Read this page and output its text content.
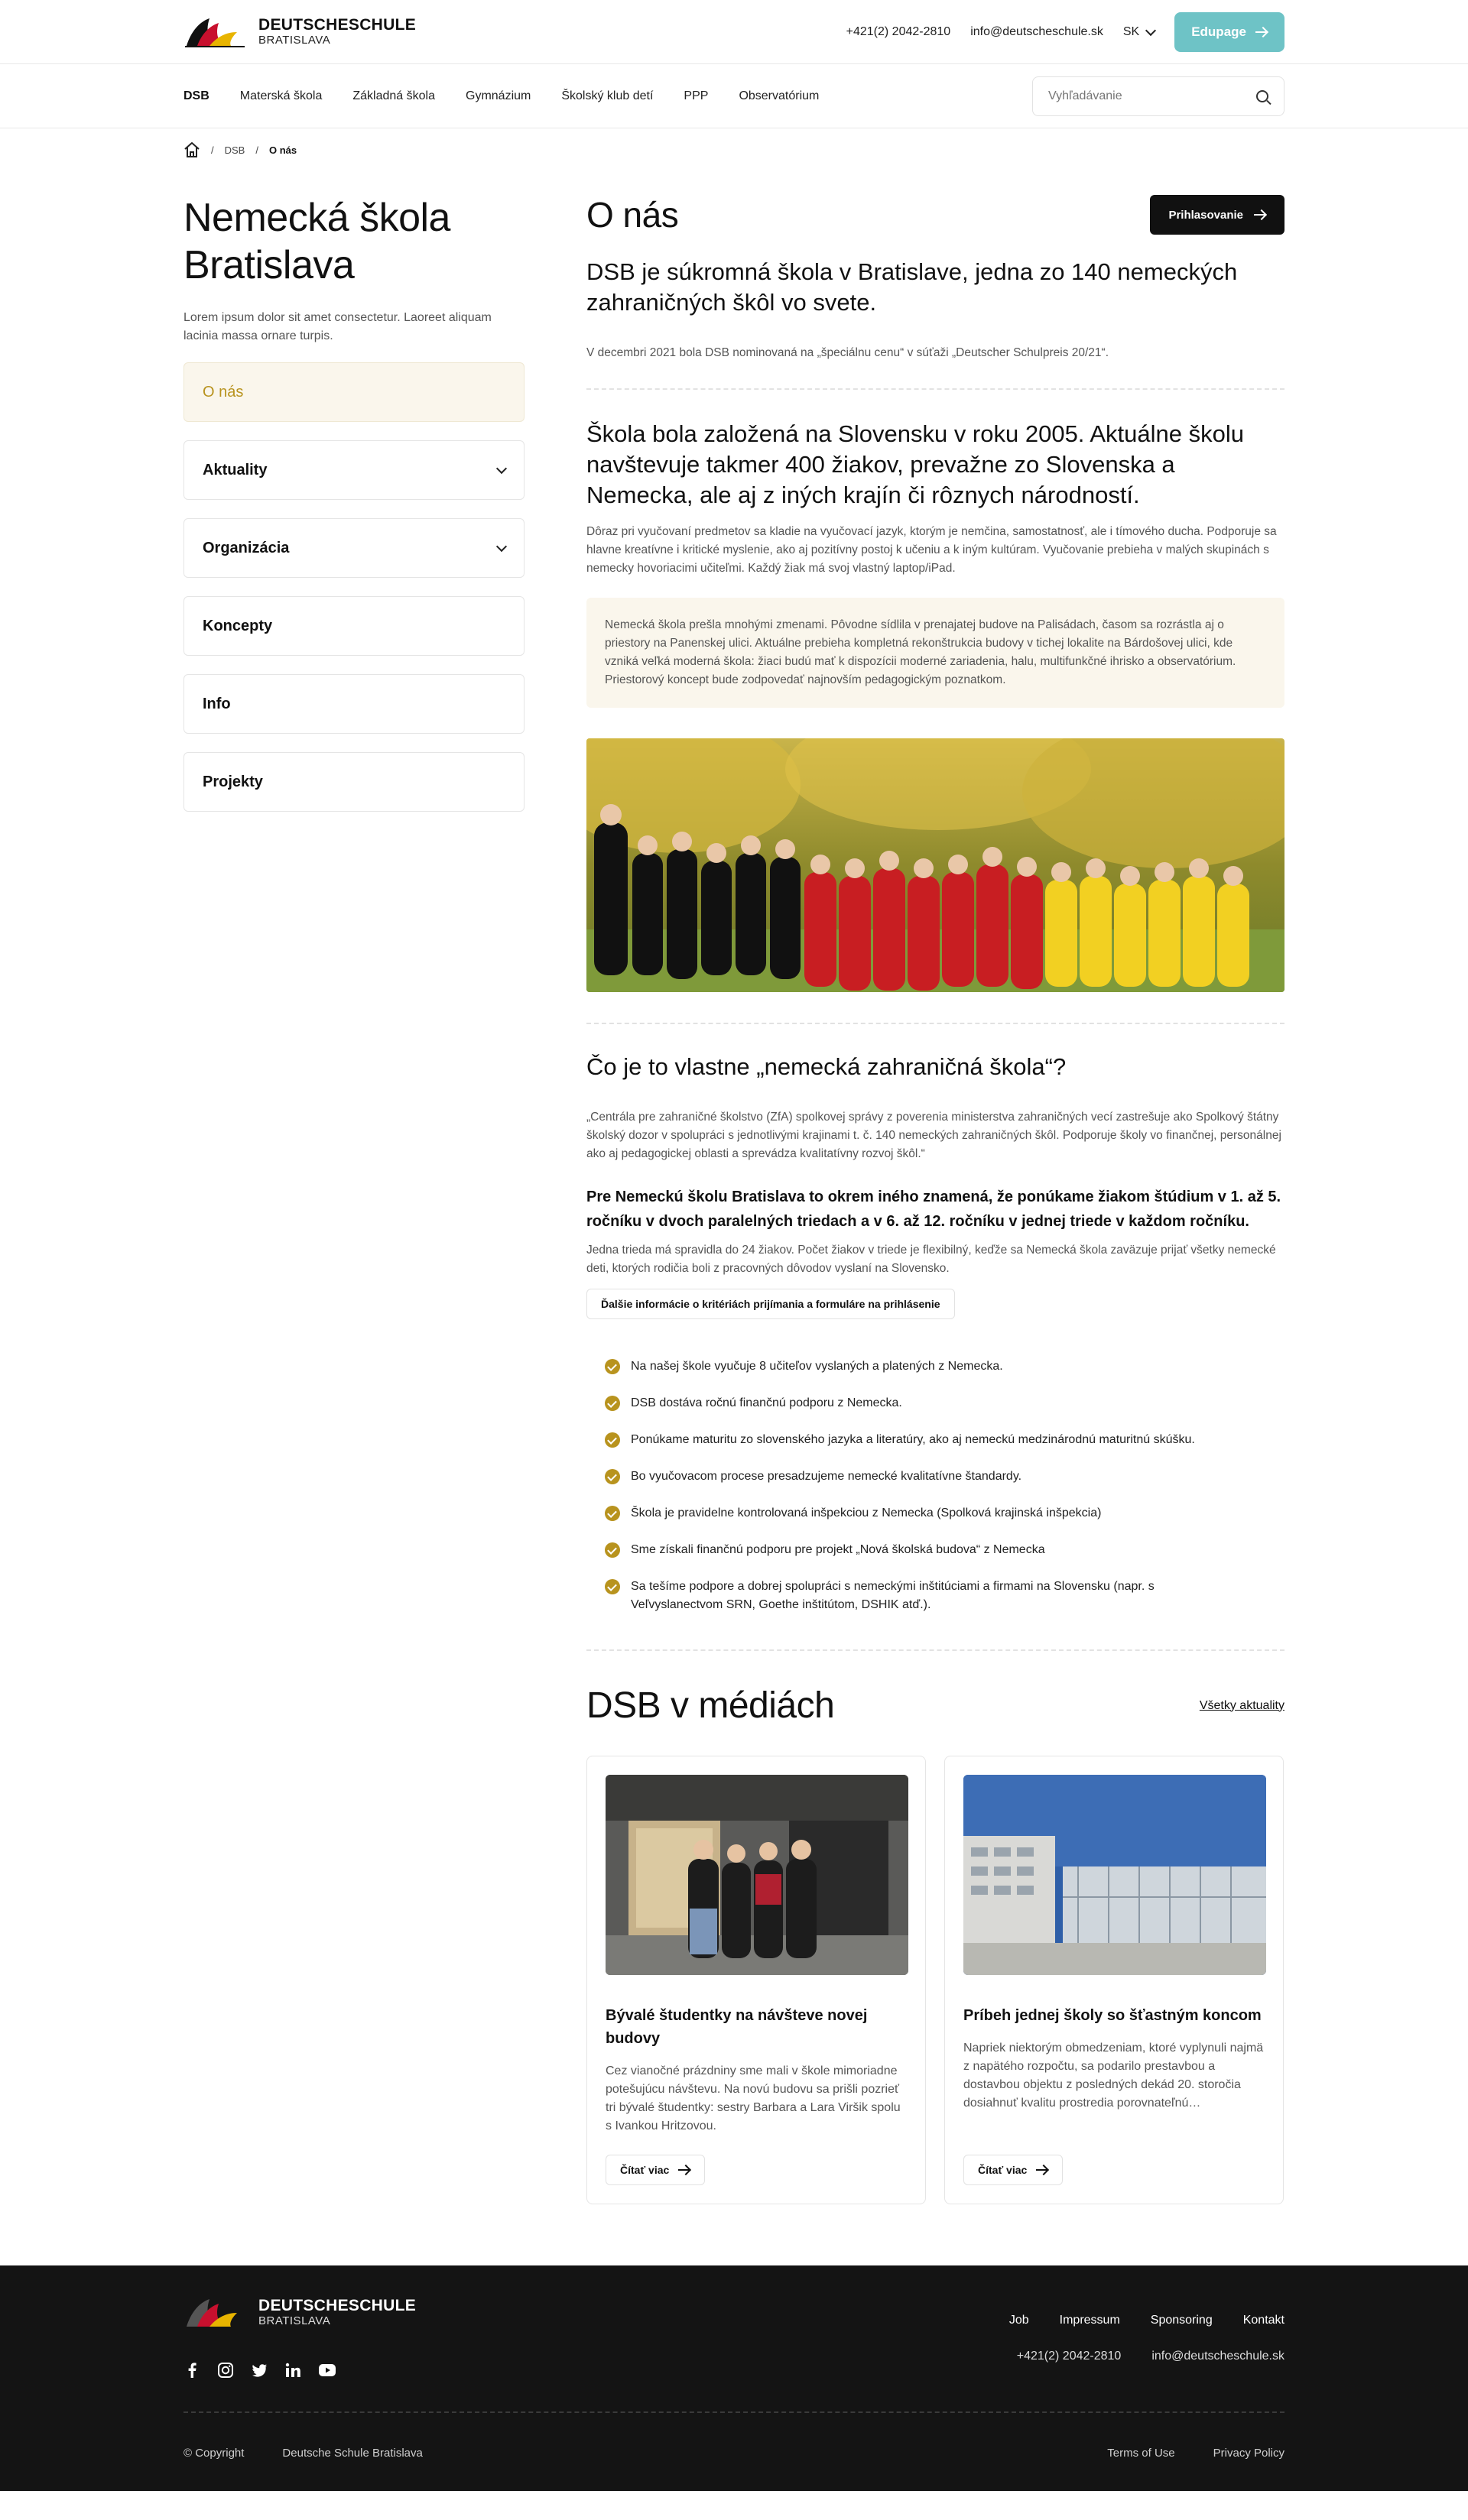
DEUTSCHESCHULE
BRATISLAVA
+421(2) 2042-2810 info@deutscheschule.sk SK	Edupage
DSB	Materská škola	Základná škola	Gymnázium	Školský klub detí	PPP	Observatórium
Vyhľadávanie
/ DSB / O nás
Nemecká škola Bratislava

Lorem ipsum dolor sit amet consectetur. Laoreet aliquam lacinia massa ornare turpis.

O nás
Aktuality
Organizácia
Koncepty
Info
Projekty
O nás	Prihlasovanie
DSB je súkromná škola v Bratislave, jedna zo 140 nemeckých zahraničných škôl vo svete.

V decembri 2021 bola DSB nominovaná na „špeciálnu cenu“ v súťaži „Deutscher Schulpreis 20/21“.

Škola bola založená na Slovensku v roku 2005. Aktuálne školu navštevuje takmer 400 žiakov, prevažne zo Slovenska a Nemecka, ale aj z iných krajín či rôznych národností.

Dôraz pri vyučovaní predmetov sa kladie na vyučovací jazyk, ktorým je nemčina, samostatnosť, ale i tímového ducha. Podporuje sa hlavne kreatívne i kritické myslenie, ako aj pozitívny postoj k učeniu a k iným kultúram. Vyučovanie prebieha v malých skupinách s nemecky hovoriacimi učiteľmi. Každý žiak má svoj vlastný laptop/iPad.

Nemecká škola prešla mnohými zmenami. Pôvodne sídlila v prenajatej budove na Palisádach, časom sa rozrástla aj o priestory na Panenskej ulici. Aktuálne prebieha kompletná rekonštrukcia budovy v tichej lokalite na Bárdošovej ulici, kde vzniká veľká moderná škola: žiaci budú mať k dispozícii moderné zariadenia, halu, multifunkčné ihrisko a observatórium. Priestorový koncept bude zodpovedať najnovším pedagogickým poznatkom.
Čo je to vlastne „nemecká zahraničná škola“?

„Centrála pre zahraničné školstvo (ZfA) spolkovej správy z poverenia ministerstva zahraničných vecí zastrešuje ako Spolkový štátny školský dozor v spolupráci s jednotlivými krajinami t. č. 140 nemeckých zahraničných škôl. Podporuje školy vo finančnej, personálnej ako aj pedagogickej oblasti a sprevádza kvalitatívny rozvoj škôl.“

Pre Nemeckú školu Bratislava to okrem iného znamená, že ponúkame žiakom štúdium v 1. až 5. ročníku v dvoch paralelných triedach a v 6. až 12. ročníku v jednej triede v každom ročníku.

Jedna trieda má spravidla do 24 žiakov. Počet žiakov v triede je flexibilný, keďže sa Nemecká škola zaväzuje prijať všetky nemecké deti, ktorých rodičia boli z pracovných dôvodov vyslaní na Slovensko.

Ďalšie informácie o kritériách prijímania a formuláre na prihlásenie
Na našej škole vyučuje 8 učiteľov vyslaných a platených z Nemecka.
DSB dostáva ročnú finančnú podporu z Nemecka.
Ponúkame maturitu zo slovenského jazyka a literatúry, ako aj nemeckú medzinárodnú maturitnú skúšku.
Bo vyučovacom procese presadzujeme nemecké kvalitatívne štandardy.
Škola je pravidelne kontrolovaná inšpekciou z Nemecka (Spolková krajinská inšpekcia)
Sme získali finančnú podporu pre projekt „Nová školská budova“ z Nemecka
Sa tešíme podpore a dobrej spolupráci s nemeckými inštitúciami a firmami na Slovensku (napr. s Veľvyslanectvom SRN, Goethe inštitútom, DSHIK atď.).
DSB v médiách	Všetky aktuality
Bývalé študentky na návšteve novej budovy

Cez vianočné prázdniny sme mali v škole mimoriadne potešujúcu návštevu. Na novú budovu sa prišli pozrieť tri bývalé študentky: sestry Barbara a Lara Viršik spolu s Ivankou Hritzovou.

Čítať viac
Príbeh jednej školy so šťastným koncom

Napriek niektorým obmedzeniam, ktoré vyplynuli najmä z napätého rozpočtu, sa podarilo prestavbou a dostavbou objektu z posledných dekád 20. storočia dosiahnuť kvalitu prostredia porovnateľnú…

Čítať viac
DEUTSCHESCHULE
BRATISLAVA	Job	Impressum	Sponsoring	Kontakt
+421(2) 2042-2810	info@deutscheschule.sk
© Copyright	Deutsche Schule Bratislava	Terms of Use	Privacy Policy
